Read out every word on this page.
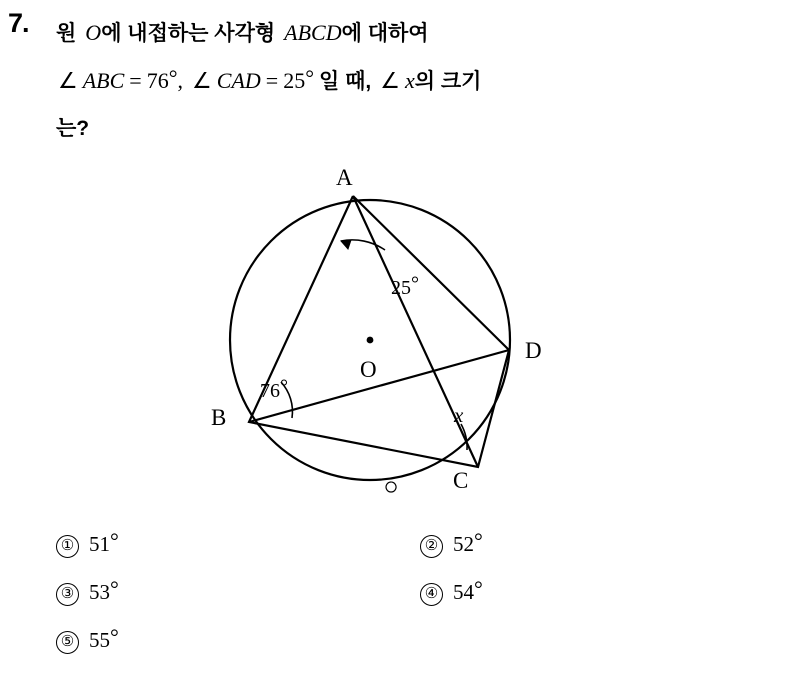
7. 원 O에 내접하는 사각형 ABCD에 대하여
∠ ABC = 76°, ∠ CAD = 25° 일 때, ∠ x의 크기
는?
A
B
C
D
O
x
25°
76°
① 51°	② 52°
③ 53°	④ 54°
⑤ 55°
